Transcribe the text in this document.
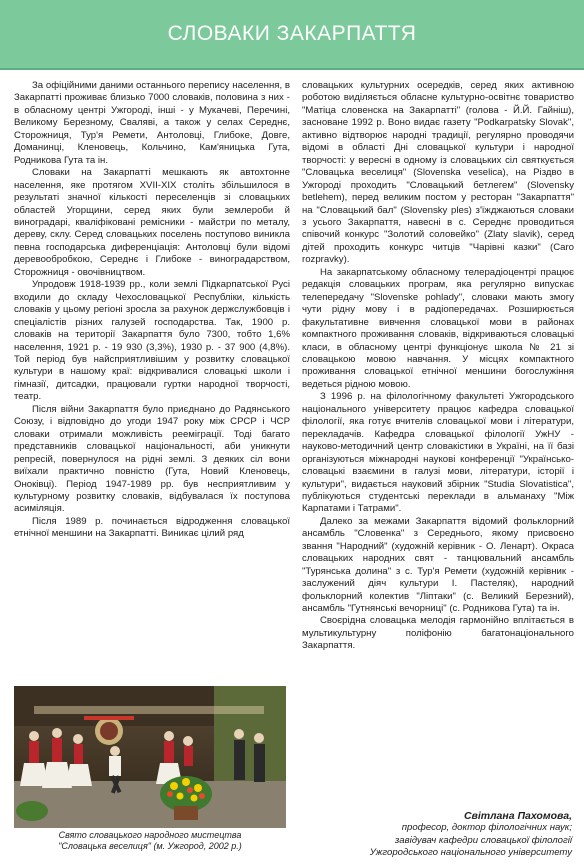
СЛОВАКИ ЗАКАРПАТТЯ

За офіційними даними останнього перепису населення, в Закарпатті проживає близько 7000 словаків, половина з них - в обласному центрі Ужгороді, інші - у Мукачеві, Перечині, Великому Березному, Сваляві, а також у селах Середнє, Сторожниця, Тур'я Ремети, Антоловці, Глибоке, Довге, Доманинці, Кленовець, Кольчино, Кам'яницька Гута, Родникова Гута та ін.

Словаки на Закарпатті мешкають як автохтонне населення, яке протягом XVII-XIX століть збільшилося в результаті значної кількості переселенців зі словацьких областей Угорщини, серед яких були землероби й виноградарі, кваліфіковані ремісники - майстри по металу, дереву, склу. Серед словацьких поселень поступово виникла певна господарська диференціація: Антоловці були відомі деревообробкою, Середнє і Глибоке - виноградарством, Сторожниця - овочівництвом.

Упродовж 1918-1939 рр., коли землі Підкарпатської Русі входили до складу Чехословацької Республіки, кількість словаків у цьому регіоні зросла за рахунок держслужбовців і спеціалістів різних галузей господарства. Так, 1900 р. словаків на території Закарпаття було 7300, тобто 1,6% населення, 1921 р. - 19 930 (3,3%), 1930 р. - 37 900 (4,8%). Той період був найсприятливішим у розвитку словацької культури в нашому краї: відкривалися словацькі школи і гімназії, дитсадки, працювали гуртки народної творчості, театр.

Після війни Закарпаття було приєднано до Радянського Союзу, і відповідно до угоди 1947 року між СРСР і ЧСР словаки отримали можливість рееміграції. Тоді багато представників словацької національності, аби уникнути репресій, повернулося на рідні землі. З деяких сіл вони виїхали практично повністю (Гута, Новий Кленовець, Оноківці). Період 1947-1989 рр. був несприятливим у культурному розвитку словаків, відбувалася їх поступова асиміляція.

Після 1989 р. починається відродження словацької етнічної меншини на Закарпатті. Виникає цілий ряд

Свято словацького народного мистецтва
"Словацька веселиця" (м. Ужгород, 2002 р.)

словацьких культурних осередків, серед яких активною роботою виділяється обласне культурно-освітнє товариство "Матіца словенска на Закарпатті" (голова - Й.Й. Гайніш), засноване 1992 р. Воно видає газету "Podkarpatsky Slovak", активно відтворює народні традиції, регулярно проводячи відомі в області Дні словацької культури і народної творчості: у вересні в одному із словацьких сіл святкується "Словацька веселиця" (Slovenska veselica), на Різдво в Ужгороді проходить "Словацький бетлегем" (Slovensky betlehem), перед великим постом у ресторан "Закарпаття" на "Словацький бал" (Slovensky ples) з'їжджаються словаки з усього Закарпаття, навесні в с. Середнє проводиться співочий конкурс "Золотий соловейко" (Zlaty slavik), серед дітей проходить конкурс читців "Чарівні казки" (Caro rozpravky).

На закарпатському обласному телерадіоцентрі працює редакція словацьких програм, яка регулярно випускає телепередачу "Slovenske pohlady", словаки мають змогу чути рідну мову і в радіопередачах. Розширюється факультативне вивчення словацької мови в районах компактного проживання словаків, відкриваються словацькі класи, в обласному центрі функціонує школа № 21 зі словацькою мовою навчання. У місцях компактного проживання словацької етнічної меншини богослужіння ведеться рідною мовою.

З 1996 р. на філологічному факультеті Ужгородського національного університету працює кафедра словацької філології, яка готує вчителів словацької мови і літератури, перекладачів. Кафедра словацької філології УжНУ - науково-методичний центр словакістики в Україні, на її базі організуються міжнародні наукові конференції "Українсько-словацькі взаємини в галузі мови, літератури, історії і культури", видається науковий збірник "Studia Slovatistica", публікуються студентські переклади в альманаху "Між Карпатами і Татрами".

Далеко за межами Закарпаття відомий фольклорний ансамбль "Словенка" з Середнього, якому присвоєно звання "Народний" (художній керівник - О. Ленарт). Окраса словацьких народних свят - танцювальний ансамбль "Турянська долина" з с. Тур'я Ремети (художній керівник - заслужений діяч культури І. Пастеляк), народний фольклорний колектив "Ліптаки" (с. Великий Березний), ансамбль "Гутнянські вечорниці" (с. Родникова Гута) та ін.

Своєрідна словацька мелодія гармонійно вплітається в мультикультурну поліфонію багатонаціонального Закарпаття.

Світлана Пахомова,
професор, доктор філологічних наук;
завідувач кафедри словацької філології
Ужгородського національного університету
